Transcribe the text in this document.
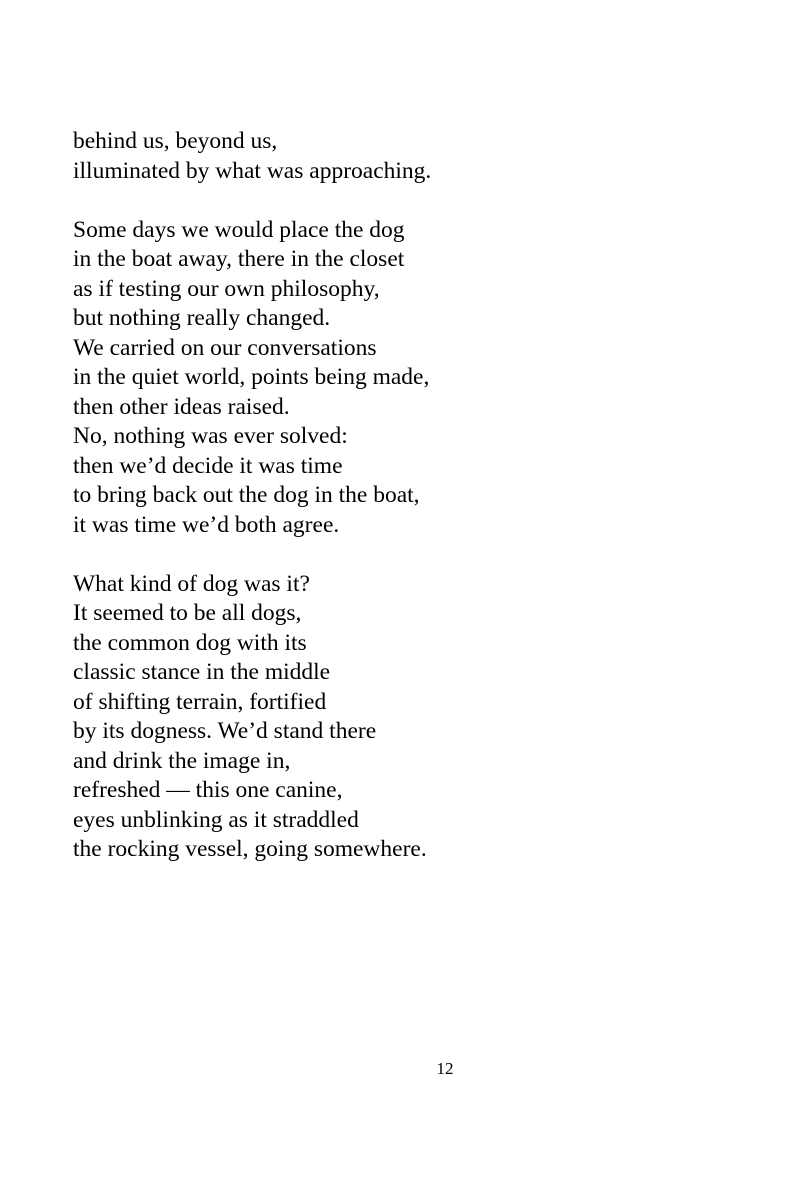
behind us, beyond us,
illuminated by what was approaching.
Some days we would place the dog
in the boat away, there in the closet
as if testing our own philosophy,
but nothing really changed.
We carried on our conversations
in the quiet world, points being made,
then other ideas raised.
No, nothing was ever solved:
then we’d decide it was time
to bring back out the dog in the boat,
it was time we’d both agree.
What kind of dog was it?
It seemed to be all dogs,
the common dog with its
classic stance in the middle
of shifting terrain, fortified
by its dogness. We’d stand there
and drink the image in,
refreshed — this one canine,
eyes unblinking as it straddled
the rocking vessel, going somewhere.
12
